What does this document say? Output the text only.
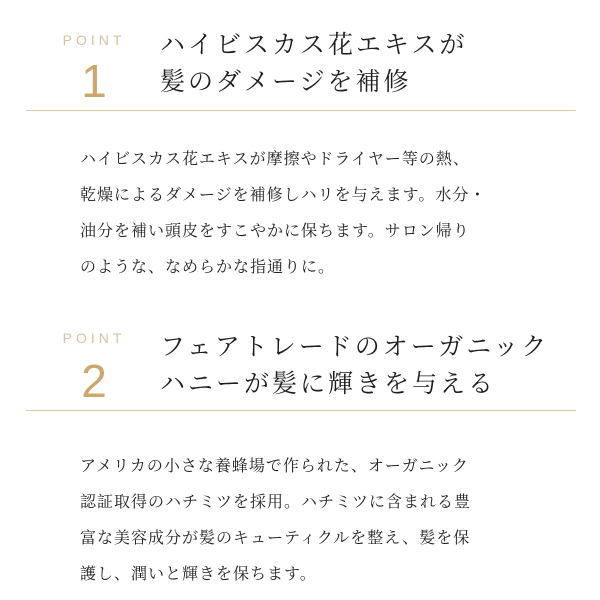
POINT
1
ハイビスカス花エキスが
髪のダメージを補修
ハイビスカス花エキスが摩擦やドライヤー等の熱、
乾燥によるダメージを補修しハリを与えます。水分・
油分を補い頭皮をすこやかに保ちます。サロン帰り
のような、なめらかな指通りに。
POINT
2
フェアトレードのオーガニック
ハニーが髪に輝きを与える
アメリカの小さな養蜂場で作られた、オーガニック
認証取得のハチミツを採用。ハチミツに含まれる豊
富な美容成分が髪のキューティクルを整え、髪を保
護し、潤いと輝きを保ちます。
